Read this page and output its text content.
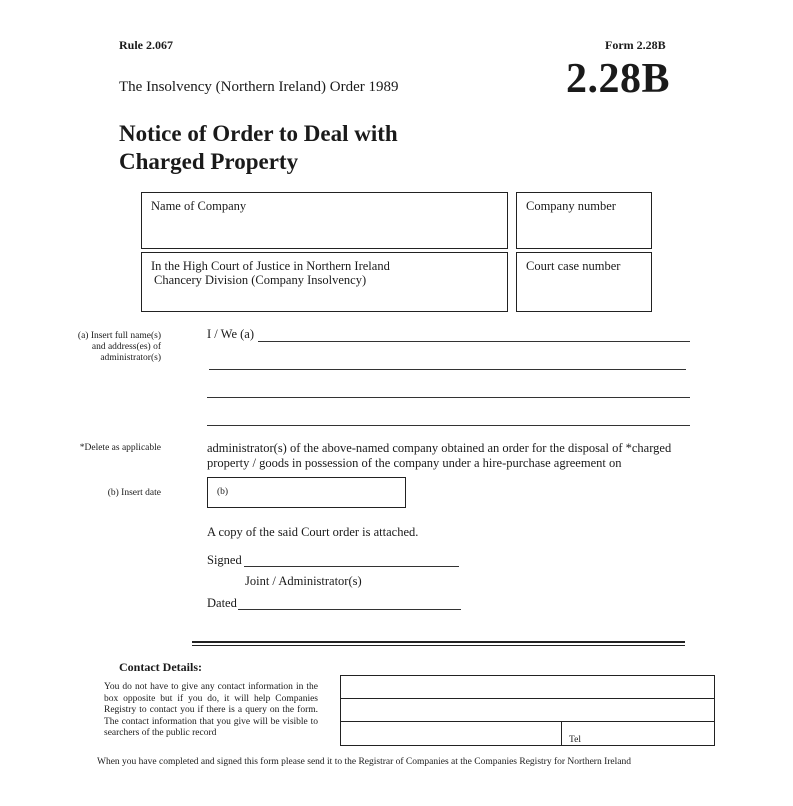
Rule 2.067	Form 2.28B
2.28B
The Insolvency (Northern Ireland) Order 1989
Notice of Order to Deal with
Charged Property
Name of Company	Company number
In the High Court of Justice in Northern Ireland
Chancery Division (Company Insolvency)
Court case number
(a) Insert full name(s)
and address(es) of
administrator(s)
*Delete as applicable
(b) Insert date
I / We (a)
administrator(s) of the above-named company obtained an order for the disposal of *charged
property / goods in possession of the company under a hire-purchase agreement on
(b)
A copy of the said Court order is attached.
Signed
Joint / Administrator(s)
Dated
Contact Details:
You do not have to give any contact information in the box opposite but if you do, it will help Companies Registry to contact you if there is a query on the form. The contact information that you give will be visible to searchers of the public record
Tel
When you have completed and signed this form please send it to the Registrar of Companies at the Companies Registry for Northern Ireland
